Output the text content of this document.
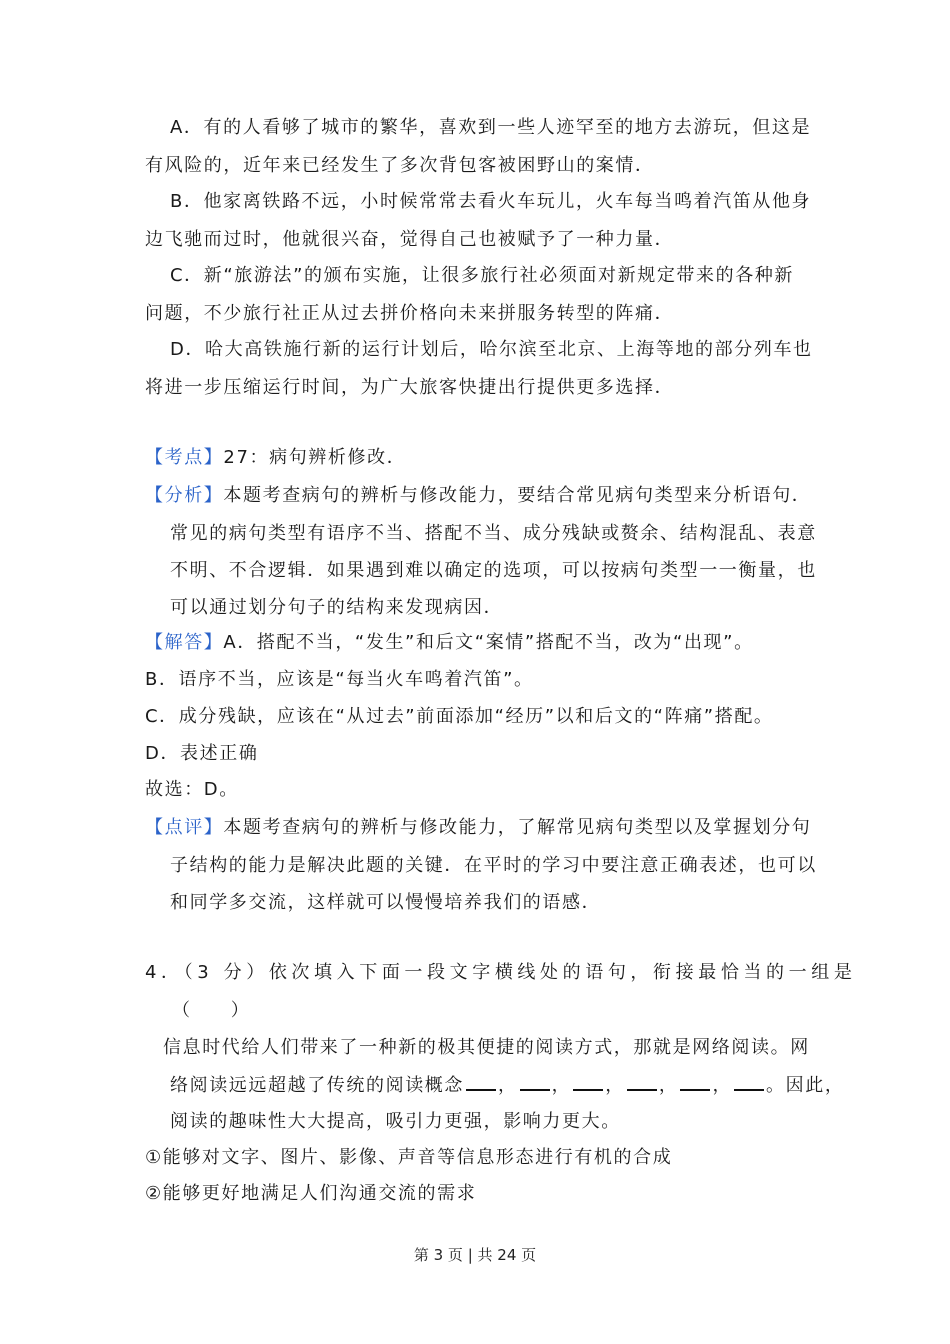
A．有的人看够了城市的繁华，喜欢到一些人迹罕至的地方去游玩，但这是
有风险的，近年来已经发生了多次背包客被困野山的案情．
B．他家离铁路不远，小时候常常去看火车玩儿，火车每当鸣着汽笛从他身
边飞驰而过时，他就很兴奋，觉得自己也被赋予了一种力量．
C．新“旅游法”的颁布实施，让很多旅行社必须面对新规定带来的各种新
问题，不少旅行社正从过去拼价格向未来拼服务转型的阵痛．
D．哈大高铁施行新的运行计划后，哈尔滨至北京、上海等地的部分列车也
将进一步压缩运行时间，为广大旅客快捷出行提供更多选择．
【考点】27：病句辨析修改．
【分析】本题考查病句的辨析与修改能力，要结合常见病句类型来分析语句．
常见的病句类型有语序不当、搭配不当、成分残缺或赘余、结构混乱、表意
不明、不合逻辑．如果遇到难以确定的选项，可以按病句类型一一衡量，也
可以通过划分句子的结构来发现病因．
【解答】A．搭配不当，“发生”和后文“案情”搭配不当，改为“出现”。
B．语序不当，应该是“每当火车鸣着汽笛”。
C．成分残缺，应该在“从过去”前面添加“经历”以和后文的“阵痛”搭配。
D．表述正确
故选：D。
【点评】本题考查病句的辨析与修改能力，了解常见病句类型以及掌握划分句
子结构的能力是解决此题的关键．在平时的学习中要注意正确表述，也可以
和同学多交流，这样就可以慢慢培养我们的语感．
4．（3 分）依次填入下面一段文字横线处的语句，衔接最恰当的一组是
（　　）
信息时代给人们带来了一种新的极其便捷的阅读方式，那就是网络阅读。网
络阅读远远超越了传统的阅读概念 ， ， ， ， ， 。因此，
阅读的趣味性大大提高，吸引力更强，影响力更大。
①能够对文字、图片、影像、声音等信息形态进行有机的合成
②能够更好地满足人们沟通交流的需求
第 3 页 | 共 24 页
